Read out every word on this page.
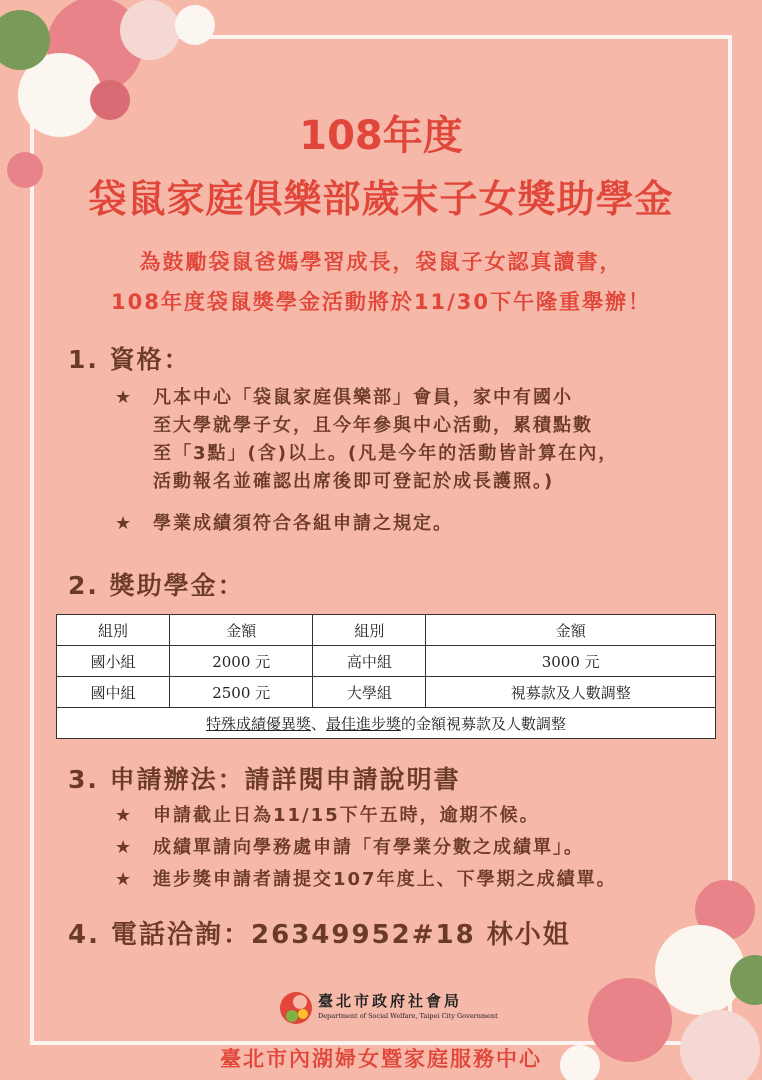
108年度
袋鼠家庭俱樂部歲末子女獎助學金
為鼓勵袋鼠爸媽學習成長，袋鼠子女認真讀書，
108年度袋鼠獎學金活動將於11/30下午隆重舉辦！
1. 資格：
★ 凡本中心「袋鼠家庭俱樂部」會員，家中有國小
至大學就學子女，且今年參與中心活動，累積點數
至「3點」(含)以上。(凡是今年的活動皆計算在內，
活動報名並確認出席後即可登記於成長護照。)
★ 學業成績須符合各組申請之規定。
2. 獎助學金：
組別	金額	組別	金額
國小組	2000 元	高中組	3000 元
國中組	2500 元	大學組	視募款及人數調整
特殊成績優異獎、最佳進步獎的金額視募款及人數調整			
3. 申請辦法：請詳閱申請說明書
★ 申請截止日為11/15下午五時，逾期不候。
★ 成績單請向學務處申請「有學業分數之成績單」。
★ 進步獎申請者請提交107年度上、下學期之成績單。
4. 電話洽詢：26349952#18 林小姐
臺北市政府社會局
Department of Social Welfare, Taipei City Government
臺北市內湖婦女暨家庭服務中心
